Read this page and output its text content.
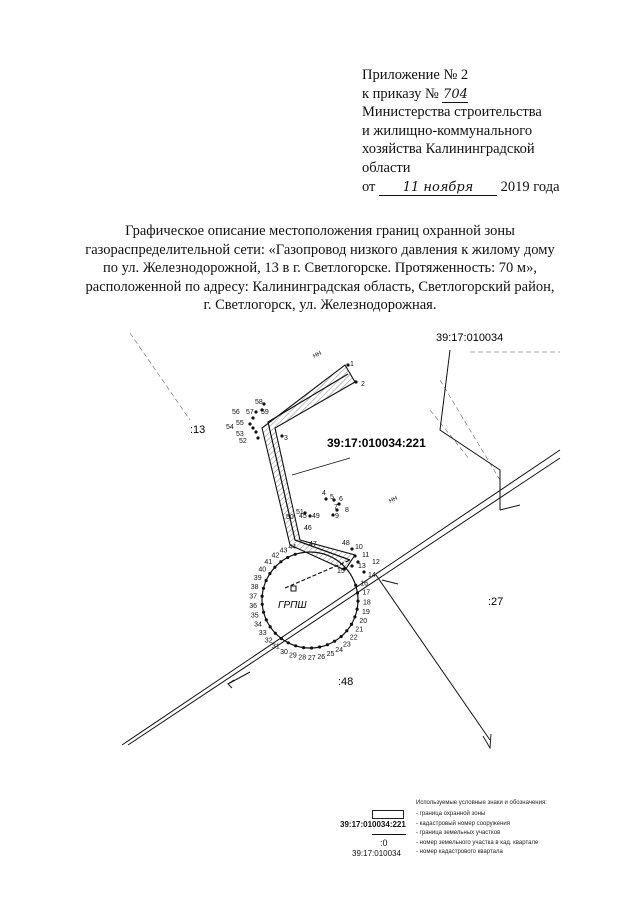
Приложение № 2
к приказу № 704
Министерства строительства
и жилищно-коммунального
хозяйства Калининградской
области
от 11 ноября 2019 года
Графическое описание местоположения границ охранной зоны
газораспределительной сети: «Газопровод низкого давления к жилому дому
по ул. Железнодорожной, 13 в г. Светлогорске. Протяженность: 70 м»,
расположенной по адресу: Калининградская область, Светлогорский район,
г. Светлогорск, ул. Железнодорожная.
16
17
18
19
20
21
22
23
24
25
26
27
28
29
30
31
32
33
34
35
36
37
38
39
40
41
42
43
44
ГРПШ
1
2
3
4
5 6
7 8
9
10
11
12
13
14
15
45
46
47	48
49
50
51
52
53
54
55
56 57
58
59
39:17:010034
39:17:010034:221
:13
:27
:48
НН
НН
Используемые условные знаки и обозначения:
- граница охранной зоны
39:17:010034:221 - кадастровый номер сооружения
- граница земельных участков
:0	- номер земельного участка в кад. квартале
39:17:010034	- номер кадастрового квартала
